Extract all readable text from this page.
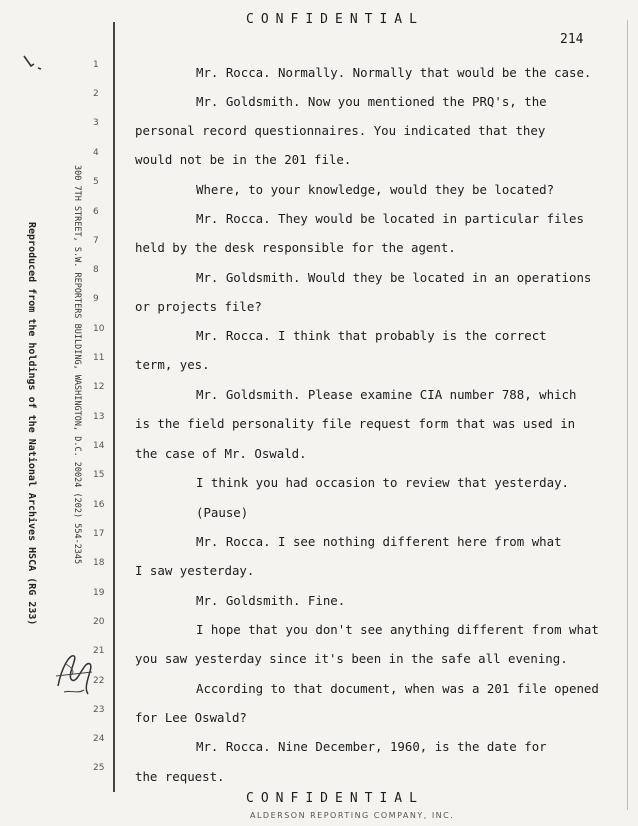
CONFIDENTIAL
214
Reproduced from the holdings of the National Archives HSCA (RG 233)	300 7TH STREET, S.W. REPORTERS BUILDING, WASHINGTON, D.C. 20024 (202) 554-2345
1
2
3
4
5
6
7
8
9
10
11
12
13
14
15
16
17
18
19
20
21
22
23
24
25
Mr. Rocca. Normally. Normally that would be the case.
Mr. Goldsmith. Now you mentioned the PRQ's, the
personal record questionnaires. You indicated that they
would not be in the 201 file.
Where, to your knowledge, would they be located?
Mr. Rocca. They would be located in particular files
held by the desk responsible for the agent.
Mr. Goldsmith. Would they be located in an operations
or projects file?
Mr. Rocca. I think that probably is the correct
term, yes.
Mr. Goldsmith. Please examine CIA number 788, which
is the field personality file request form that was used in
the case of Mr. Oswald.
I think you had occasion to review that yesterday.
(Pause)
Mr. Rocca. I see nothing different here from what
I saw yesterday.
Mr. Goldsmith. Fine.
I hope that you don't see anything different from what
you saw yesterday since it's been in the safe all evening.
According to that document, when was a 201 file opened
for Lee Oswald?
Mr. Rocca. Nine December, 1960, is the date for
the request.
CONFIDENTIAL
ALDERSON REPORTING COMPANY, INC.
